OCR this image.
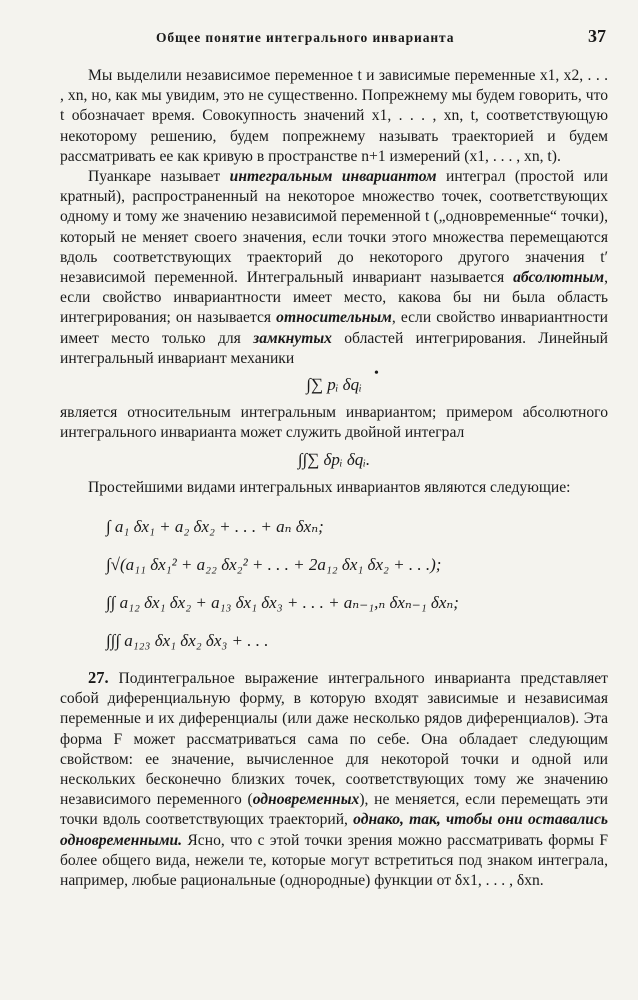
Общее понятие интегрального инварианта	37
•

Мы выделили независимое переменное t и зависимые переменные x1, x2, . . . , xn, но, как мы увидим, это не существенно. Попрежнему мы будем говорить, что t обозначает время. Совокупность значений x1, . . . , xn, t, соответствующую некоторому решению, будем попрежнему называть траекторией и будем рассматривать ее как кривую в пространстве n+1 измерений (x1, . . . , xn, t).

Пуанкаре называет интегральным инвариантом интеграл (простой или кратный), распространенный на некоторое множество точек, соответствующих одному и тому же значению независимой переменной t („одновременные“ точки), который не меняет своего значения, если точки этого множества перемещаются вдоль соответствующих траекторий до некоторого другого значения t′ независимой переменной. Интегральный инвариант называется абсолютным, если свойство инвариантности имеет место, какова бы ни была область интегрирования; он называется относительным, если свойство инвариантности имеет место только для замкнутых областей интегрирования. Линейный интегральный инвариант механики

∫∑ pᵢ δqᵢ

является относительным интегральным инвариантом; примером абсолютного интегрального инварианта может служить двойной интеграл

∫∫∑ δpᵢ δqᵢ.

Простейшими видами интегральных инвариантов являются следующие:

∫ a₁ δx₁ + a₂ δx₂ + . . . + aₙ δxₙ;
∫√(a₁₁ δx₁² + a₂₂ δx₂² + . . . + 2a₁₂ δx₁ δx₂ + . . .);
∫∫ a₁₂ δx₁ δx₂ + a₁₃ δx₁ δx₃ + . . . + aₙ₋₁,ₙ δxₙ₋₁ δxₙ;
∫∫∫ a₁₂₃ δx₁ δx₂ δx₃ + . . .

27. Подинтегральное выражение интегрального инварианта представляет собой диференциальную форму, в которую входят зависимые и независимая переменные и их диференциалы (или даже несколько рядов диференциалов). Эта форма F может рассматриваться сама по себе. Она обладает следующим свойством: ее значение, вычисленное для некоторой точки и одной или нескольких бесконечно близких точек, соответствующих тому же значению независимого переменного (одновременных), не меняется, если перемещать эти точки вдоль соответствующих траекторий, однако, так, чтобы они оставались одновременными. Ясно, что с этой точки зрения можно рассматривать формы F более общего вида, нежели те, которые могут встретиться под знаком интеграла, например, любые рациональные (однородные) функции от δx1, . . . , δxn.
